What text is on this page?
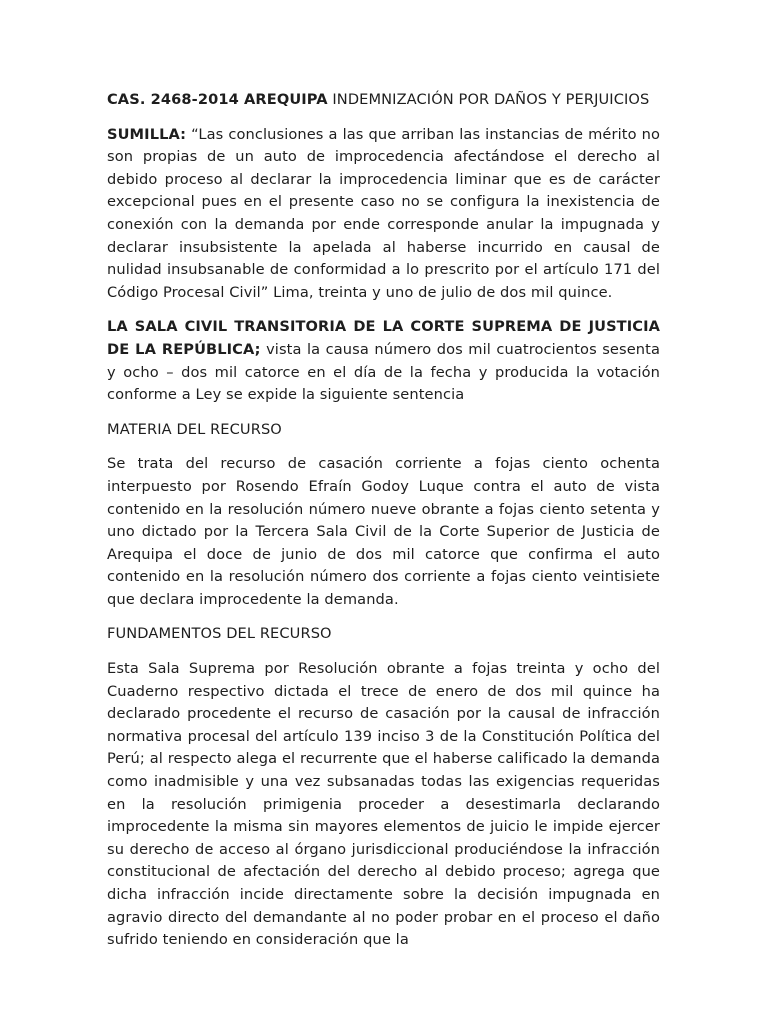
CAS. 2468-2014 AREQUIPA INDEMNIZACIÓN POR DAÑOS Y PERJUICIOS

SUMILLA: “Las conclusiones a las que arriban las instancias de mérito no son propias de un auto de improcedencia afectándose el derecho al debido proceso al declarar la improcedencia liminar que es de carácter excepcional pues en el presente caso no se configura la inexistencia de conexión con la demanda por ende corresponde anular la impugnada y declarar insubsistente la apelada al haberse incurrido en causal de nulidad insubsanable de conformidad a lo prescrito por el artículo 171 del Código Procesal Civil” Lima, treinta y uno de julio de dos mil quince.

LA SALA CIVIL TRANSITORIA DE LA CORTE SUPREMA DE JUSTICIA DE LA REPÚBLICA; vista la causa número dos mil cuatrocientos sesenta y ocho – dos mil catorce en el día de la fecha y producida la votación conforme a Ley se expide la siguiente sentencia

MATERIA DEL RECURSO

Se trata del recurso de casación corriente a fojas ciento ochenta interpuesto por Rosendo Efraín Godoy Luque contra el auto de vista contenido en la resolución número nueve obrante a fojas ciento setenta y uno dictado por la Tercera Sala Civil de la Corte Superior de Justicia de Arequipa el doce de junio de dos mil catorce que confirma el auto contenido en la resolución número dos corriente a fojas ciento veintisiete que declara improcedente la demanda.

FUNDAMENTOS DEL RECURSO

Esta Sala Suprema por Resolución obrante a fojas treinta y ocho del Cuaderno respectivo dictada el trece de enero de dos mil quince ha declarado procedente el recurso de casación por la causal de infracción normativa procesal del artículo 139 inciso 3 de la Constitución Política del Perú; al respecto alega el recurrente que el haberse calificado la demanda como inadmisible y una vez subsanadas todas las exigencias requeridas en la resolución primigenia proceder a desestimarla declarando improcedente la misma sin mayores elementos de juicio le impide ejercer su derecho de acceso al órgano jurisdiccional produciéndose la infracción constitucional de afectación del derecho al debido proceso; agrega que dicha infracción incide directamente sobre la decisión impugnada en agravio directo del demandante al no poder probar en el proceso el daño sufrido teniendo en consideración que la
